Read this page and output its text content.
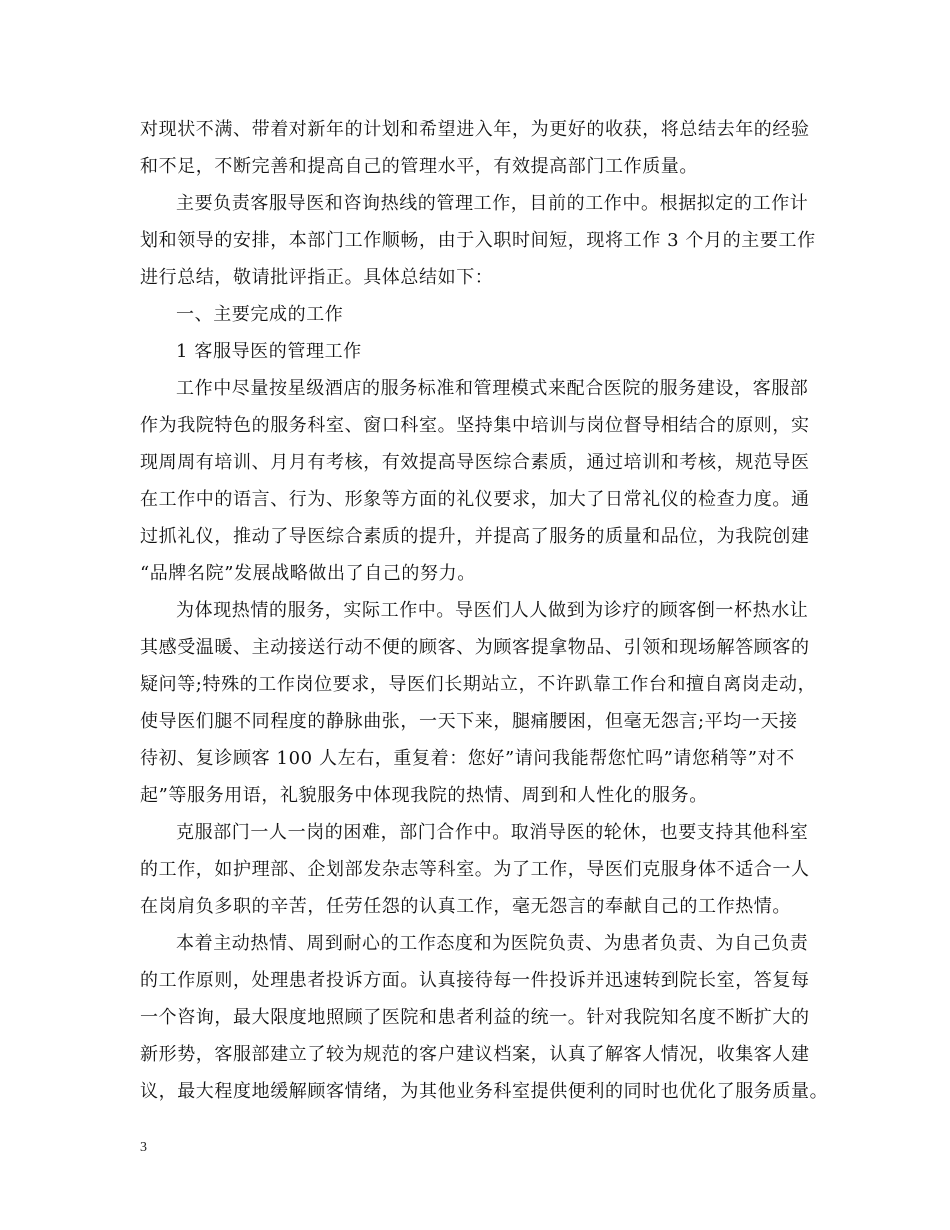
对现状不满、带着对新年的计划和希望进入年，为更好的收获，将总结去年的经验
和不足，不断完善和提高自己的管理水平，有效提高部门工作质量。
主要负责客服导医和咨询热线的管理工作，目前的工作中。根据拟定的工作计
划和领导的安排，本部门工作顺畅，由于入职时间短，现将工作 3 个月的主要工作
进行总结，敬请批评指正。具体总结如下：
一、主要完成的工作
1 客服导医的管理工作
工作中尽量按星级酒店的服务标准和管理模式来配合医院的服务建设，客服部
作为我院特色的服务科室、窗口科室。坚持集中培训与岗位督导相结合的原则，实
现周周有培训、月月有考核，有效提高导医综合素质，通过培训和考核，规范导医
在工作中的语言、行为、形象等方面的礼仪要求，加大了日常礼仪的检查力度。通
过抓礼仪，推动了导医综合素质的提升，并提高了服务的质量和品位，为我院创建
“品牌名院”发展战略做出了自己的努力。
为体现热情的服务，实际工作中。导医们人人做到为诊疗的顾客倒一杯热水让
其感受温暖、主动接送行动不便的顾客、为顾客提拿物品、引领和现场解答顾客的
疑问等;特殊的工作岗位要求，导医们长期站立，不许趴靠工作台和擅自离岗走动，
使导医们腿不同程度的静脉曲张，一天下来，腿痛腰困，但毫无怨言;平均一天接
待初、复诊顾客 100 人左右，重复着：您好”请问我能帮您忙吗”请您稍等”对不
起”等服务用语，礼貌服务中体现我院的热情、周到和人性化的服务。
克服部门一人一岗的困难，部门合作中。取消导医的轮休，也要支持其他科室
的工作，如护理部、企划部发杂志等科室。为了工作，导医们克服身体不适合一人
在岗肩负多职的辛苦，任劳任怨的认真工作，毫无怨言的奉献自己的工作热情。
本着主动热情、周到耐心的工作态度和为医院负责、为患者负责、为自己负责
的工作原则，处理患者投诉方面。认真接待每一件投诉并迅速转到院长室，答复每
一个咨询，最大限度地照顾了医院和患者利益的统一。针对我院知名度不断扩大的
新形势，客服部建立了较为规范的客户建议档案，认真了解客人情况，收集客人建
议，最大程度地缓解顾客情绪，为其他业务科室提供便利的同时也优化了服务质量。
3
